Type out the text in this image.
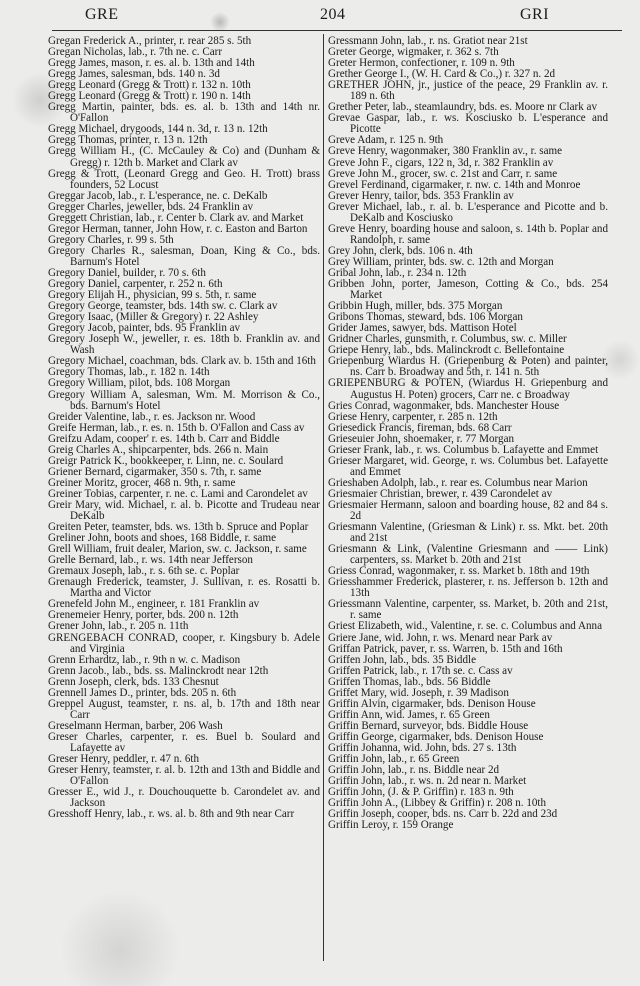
GRE	204	GRI
Gregan Frederick A., printer, r. rear 285 s. 5th
Gregan Nicholas, lab., r. 7th ne. c. Carr
Gregg James, mason, r. es. al. b. 13th and 14th
Gregg James, salesman, bds. 140 n. 3d
Gregg Leonard (Gregg & Trott) r. 132 n. 10th
Gregg Leonard (Gregg & Trott) r. 190 n. 14th
Gregg Martin, painter, bds. es. al. b. 13th and 14th nr. O'Fallon
Gregg Michael, drygoods, 144 n. 3d, r. 13 n. 12th
Gregg Thomas, printer, r. 13 n. 12th
Gregg William H., (C. McCauley & Co) and (Dunham & Gregg) r. 12th b. Market and Clark av
Gregg & Trott, (Leonard Gregg and Geo. H. Trott) brass founders, 52 Locust
Greggar Jacob, lab., r. L'esperance, ne. c. DeKalb
Gregger Charles, jeweller, bds. 24 Franklin av
Greggett Christian, lab., r. Center b. Clark av. and Market
Gregor Herman, tanner, John How, r. c. Easton and Barton
Gregory Charles, r. 99 s. 5th
Gregory Charles R., salesman, Doan, King & Co., bds. Barnum's Hotel
Gregory Daniel, builder, r. 70 s. 6th
Gregory Daniel, carpenter, r. 252 n. 6th
Gregory Elijah H., physician, 99 s. 5th, r. same
Gregory George, teamster, bds. 14th sw. c. Clark av
Gregory Isaac, (Miller & Gregory) r. 22 Ashley
Gregory Jacob, painter, bds. 95 Franklin av
Gregory Joseph W., jeweller, r. es. 18th b. Franklin av. and Wash
Gregory Michael, coachman, bds. Clark av. b. 15th and 16th
Gregory Thomas, lab., r. 182 n. 14th
Gregory William, pilot, bds. 108 Morgan
Gregory William A, salesman, Wm. M. Morrison & Co., bds. Barnum's Hotel
Greider Valentine, lab., r. es. Jackson nr. Wood
Greife Herman, lab., r. es. n. 15th b. O'Fallon and Cass av
Greifzu Adam, cooper' r. es. 14th b. Carr and Biddle
Greig Charles A., shipcarpenter, bds. 266 n. Main
Greigr Patrick K., bookkeeper, r. Linn, ne. c. Soulard
Griener Bernard, cigarmaker, 350 s. 7th, r. same
Greiner Moritz, grocer, 468 n. 9th, r. same
Greiner Tobias, carpenter, r. ne. c. Lami and Carondelet av
Greir Mary, wid. Michael, r. al. b. Picotte and Trudeau near DeKalb
Greiten Peter, teamster, bds. ws. 13th b. Spruce and Poplar
Greliner John, boots and shoes, 168 Biddle, r. same
Grell William, fruit dealer, Marion, sw. c. Jackson, r. same
Grelle Bernard, lab., r. ws. 14th near Jefferson
Gremaux Joseph, lab., r. s. 6th se. c. Poplar
Grenaugh Frederick, teamster, J. Sullivan, r. es. Rosatti b. Martha and Victor
Grenefeld John M., engineer, r. 181 Franklin av
Grenemeier Henry, porter, bds. 200 n. 12th
Grener John, lab., r. 205 n. 11th
GRENGEBACH CONRAD, cooper, r. Kingsbury b. Adele and Virginia
Grenn Erhardtz, lab., r. 9th n w. c. Madison
Grenn Jacob., lab., bds. ss. Malinckrodt near 12th
Grenn Joseph, clerk, bds. 133 Chesnut
Grennell James D., printer, bds. 205 n. 6th
Greppel August, teamster, r. ns. al, b. 17th and 18th near Carr
Greselmann Herman, barber, 206 Wash
Greser Charles, carpenter, r. es. Buel b. Soulard and Lafayette av
Greser Henry, peddler, r. 47 n. 6th
Greser Henry, teamster, r. al. b. 12th and 13th and Biddle and O'Fallon
Gresser E., wid J., r. Douchouquette b. Carondelet av. and Jackson
Gresshoff Henry, lab., r. ws. al. b. 8th and 9th near Carr
Gressmann John, lab., r. ns. Gratiot near 21st
Greter George, wigmaker, r. 362 s. 7th
Greter Hermon, confectioner, r. 109 n. 9th
Grether George I., (W. H. Card & Co.,) r. 327 n. 2d
GRETHER JOHN, jr., justice of the peace, 29 Franklin av. r. 189 n. 6th
Grether Peter, lab., steamlaundry, bds. es. Moore nr Clark av
Grevae Gaspar, lab., r. ws. Kosciusko b. L'esperance and Picotte
Greve Adam, r. 125 n. 9th
Greve Henry, wagonmaker, 380 Franklin av., r. same
Greve John F., cigars, 122 n, 3d, r. 382 Franklin av
Greve John M., grocer, sw. c. 21st and Carr, r. same
Grevel Ferdinand, cigarmaker, r. nw. c. 14th and Monroe
Grever Henry, tailor, bds. 353 Franklin av
Grever Michael, lab., r. al. b. L'esperance and Picotte and b. DeKalb and Kosciusko
Greve Henry, boarding house and saloon, s. 14th b. Poplar and Randolph, r. same
Grey John, clerk, bds. 106 n. 4th
Grey William, printer, bds. sw. c. 12th and Morgan
Gribal John, lab., r. 234 n. 12th
Gribben John, porter, Jameson, Cotting & Co., bds. 254 Market
Gribbin Hugh, miller, bds. 375 Morgan
Gribons Thomas, steward, bds. 106 Morgan
Grider James, sawyer, bds. Mattison Hotel
Gridner Charles, gunsmith, r. Columbus, sw. c. Miller
Griepe Henry, lab., bds. Malinckrodt c. Bellefontaine
Griepenburg Wiardus H. (Griepenburg & Poten) and painter, ns. Carr b. Broadway and 5th, r. 141 n. 5th
GRIEPENBURG & POTEN, (Wiardus H. Griepenburg and Augustus H. Poten) grocers, Carr ne. c Broadway
Gries Conrad, wagonmaker, bds. Manchester House
Griese Henry, carpenter, r. 285 n. 12th
Griesedick Francis, fireman, bds. 68 Carr
Grieseuier John, shoemaker, r. 77 Morgan
Grieser Frank, lab., r. ws. Columbus b. Lafayette and Emmet
Grieser Margaret, wid. George, r. ws. Columbus bet. Lafayette and Emmet
Grieshaben Adolph, lab., r. rear es. Columbus near Marion
Griesmaier Christian, brewer, r. 439 Carondelet av
Griesmaier Hermann, saloon and boarding house, 82 and 84 s. 2d
Griesmann Valentine, (Griesman & Link) r. ss. Mkt. bet. 20th and 21st
Griesmann & Link, (Valentine Griesmann and —— Link) carpenters, ss. Market b. 20th and 21st
Griess Conrad, wagonmaker, r. ss. Market b. 18th and 19th
Griesshammer Frederick, plasterer, r. ns. Jefferson b. 12th and 13th
Griessmann Valentine, carpenter, ss. Market, b. 20th and 21st, r. same
Griest Elizabeth, wid., Valentine, r. se. c. Columbus and Anna
Griere Jane, wid. John, r. ws. Menard near Park av
Griffan Patrick, paver, r. ss. Warren, b. 15th and 16th
Griffen John, lab., bds. 35 Biddle
Griffen Patrick, lab., r. 17th se. c. Cass av
Griffen Thomas, lab., bds. 56 Biddle
Griffet Mary, wid. Joseph, r. 39 Madison
Griffin Alvin, cigarmaker, bds. Denison House
Griffin Ann, wid. James, r. 65 Green
Griffin Bernard, surveyor, bds. Biddle House
Griffin George, cigarmaker, bds. Denison House
Griffin Johanna, wid. John, bds. 27 s. 13th
Griffin John, lab., r. 65 Green
Griffin John, lab., r. ns. Biddle near 2d
Griffin John, lab., r. ws. n. 2d near n. Market
Griffin John, (J. & P. Griffin) r. 183 n. 9th
Griffin John A., (Libbey & Griffin) r. 208 n. 10th
Griffin Joseph, cooper, bds. ns. Carr b. 22d and 23d
Griffin Leroy, r. 159 Orange
